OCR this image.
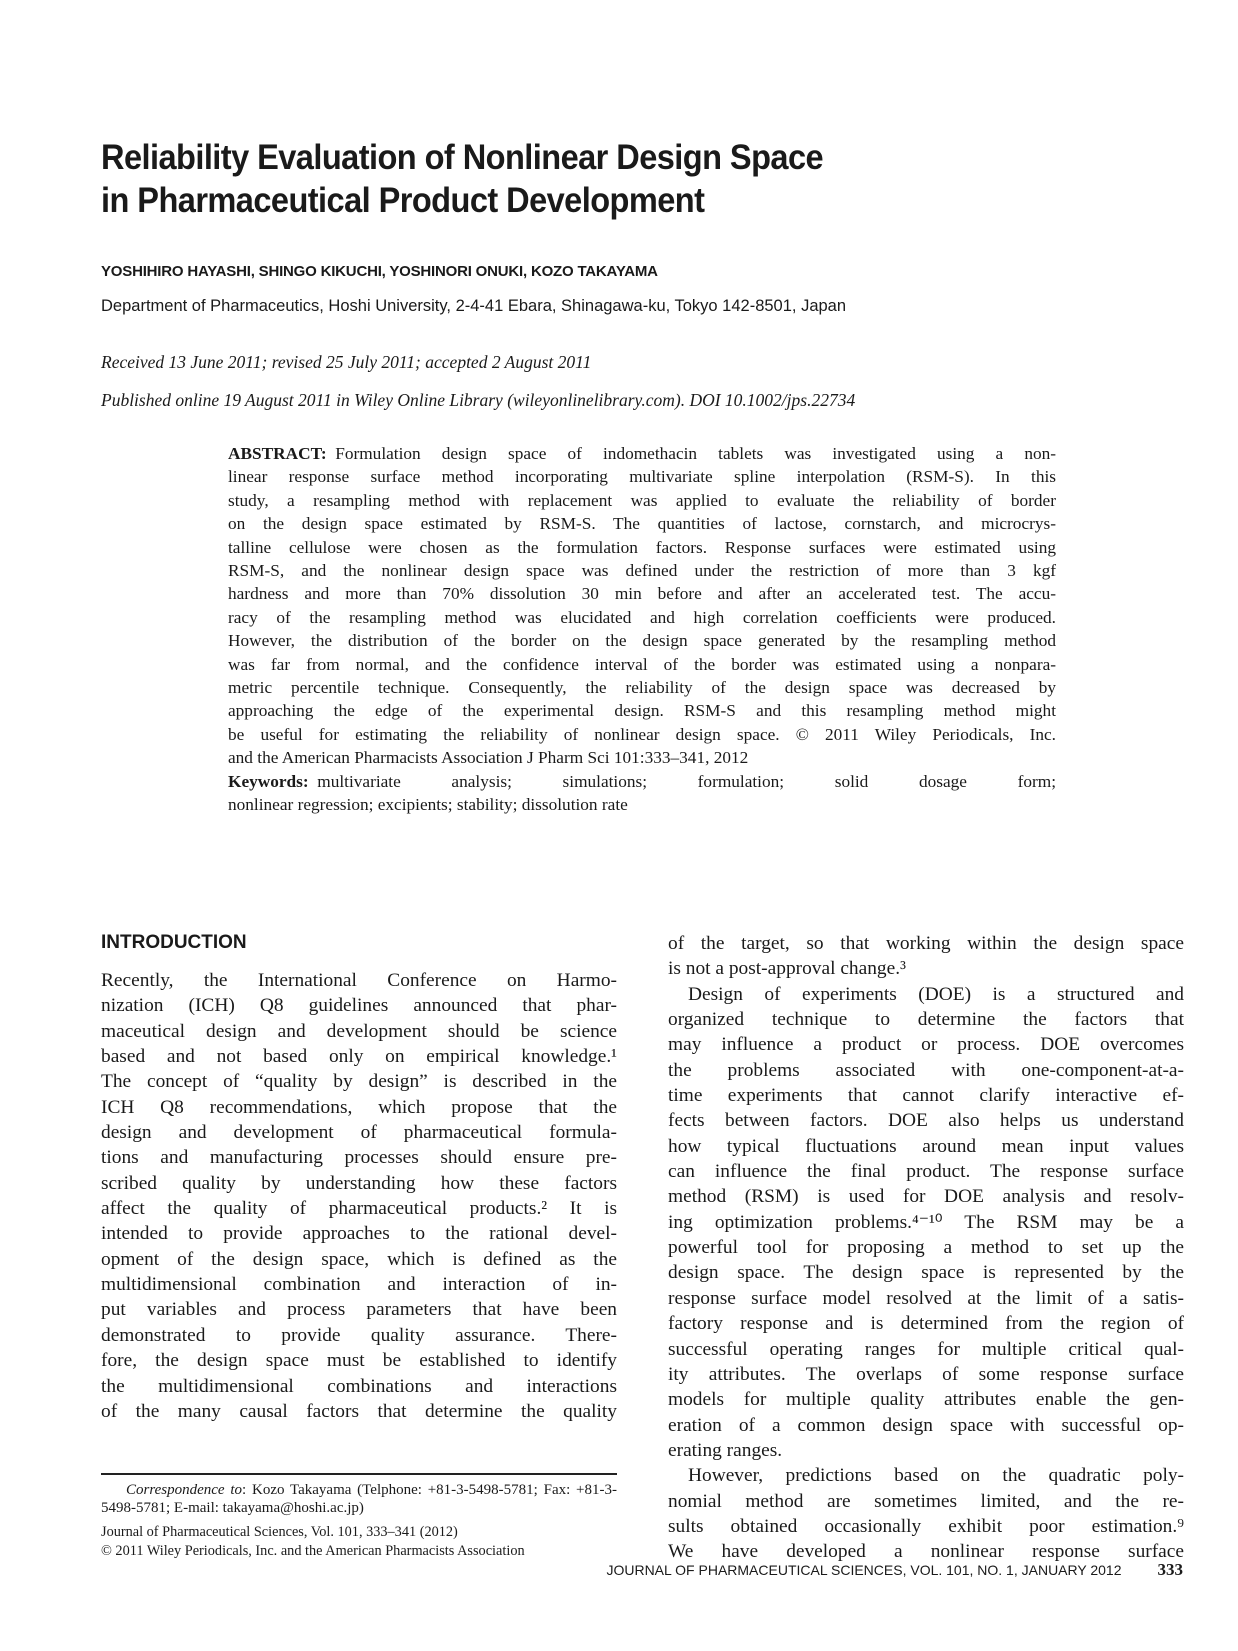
Reliability Evaluation of Nonlinear Design Space
in Pharmaceutical Product Development
YOSHIHIRO HAYASHI, SHINGO KIKUCHI, YOSHINORI ONUKI, KOZO TAKAYAMA
Department of Pharmaceutics, Hoshi University, 2-4-41 Ebara, Shinagawa-ku, Tokyo 142-8501, Japan
Received 13 June 2011; revised 25 July 2011; accepted 2 August 2011
Published online 19 August 2011 in Wiley Online Library (wileyonlinelibrary.com). DOI 10.1002/jps.22734
ABSTRACT:  Formulation design space of indomethacin tablets was investigated using a non-
linear response surface method incorporating multivariate spline interpolation (RSM-S). In this
study, a resampling method with replacement was applied to evaluate the reliability of border
on the design space estimated by RSM-S. The quantities of lactose, cornstarch, and microcrys-
talline cellulose were chosen as the formulation factors. Response surfaces were estimated using
RSM-S, and the nonlinear design space was defined under the restriction of more than 3 kgf
hardness and more than 70% dissolution 30 min before and after an accelerated test. The accu-
racy of the resampling method was elucidated and high correlation coefficients were produced.
However, the distribution of the border on the design space generated by the resampling method
was far from normal, and the confidence interval of the border was estimated using a nonpara-
metric percentile technique. Consequently, the reliability of the design space was decreased by
approaching the edge of the experimental design. RSM-S and this resampling method might
be useful for estimating the reliability of nonlinear design space. © 2011 Wiley Periodicals, Inc.
and the American Pharmacists Association J Pharm Sci 101:333–341, 2012
Keywords:  multivariate analysis; simulations; formulation; solid dosage form;
nonlinear regression; excipients; stability; dissolution rate
INTRODUCTION
Recently, the International Conference on Harmo-
nization (ICH) Q8 guidelines announced that phar-
maceutical design and development should be science
based and not based only on empirical knowledge.¹
The concept of “quality by design” is described in the
ICH Q8 recommendations, which propose that the
design and development of pharmaceutical formula-
tions and manufacturing processes should ensure pre-
scribed quality by understanding how these factors
affect the quality of pharmaceutical products.² It is
intended to provide approaches to the rational devel-
opment of the design space, which is defined as the
multidimensional combination and interaction of in-
put variables and process parameters that have been
demonstrated to provide quality assurance. There-
fore, the design space must be established to identify
the multidimensional combinations and interactions
of the many causal factors that determine the quality
of the target, so that working within the design space
is not a post-approval change.³
Design of experiments (DOE) is a structured and
organized technique to determine the factors that
may influence a product or process. DOE overcomes
the problems associated with one-component-at-a-
time experiments that cannot clarify interactive ef-
fects between factors. DOE also helps us understand
how typical fluctuations around mean input values
can influence the final product. The response surface
method (RSM) is used for DOE analysis and resolv-
ing optimization problems.⁴⁻¹⁰ The RSM may be a
powerful tool for proposing a method to set up the
design space. The design space is represented by the
response surface model resolved at the limit of a satis-
factory response and is determined from the region of
successful operating ranges for multiple critical qual-
ity attributes. The overlaps of some response surface
models for multiple quality attributes enable the gen-
eration of a common design space with successful op-
erating ranges.
However, predictions based on the quadratic poly-
nomial method are sometimes limited, and the re-
sults obtained occasionally exhibit poor estimation.⁹
We have developed a nonlinear response surface
Correspondence to: Kozo Takayama (Telphone: +81-3-5498-5781; Fax: +81-3-5498-5781; E-mail: takayama@hoshi.ac.jp)
Journal of Pharmaceutical Sciences, Vol. 101, 333–341 (2012)
© 2011 Wiley Periodicals, Inc. and the American Pharmacists Association
JOURNAL OF PHARMACEUTICAL SCIENCES, VOL. 101, NO. 1, JANUARY 2012 333
